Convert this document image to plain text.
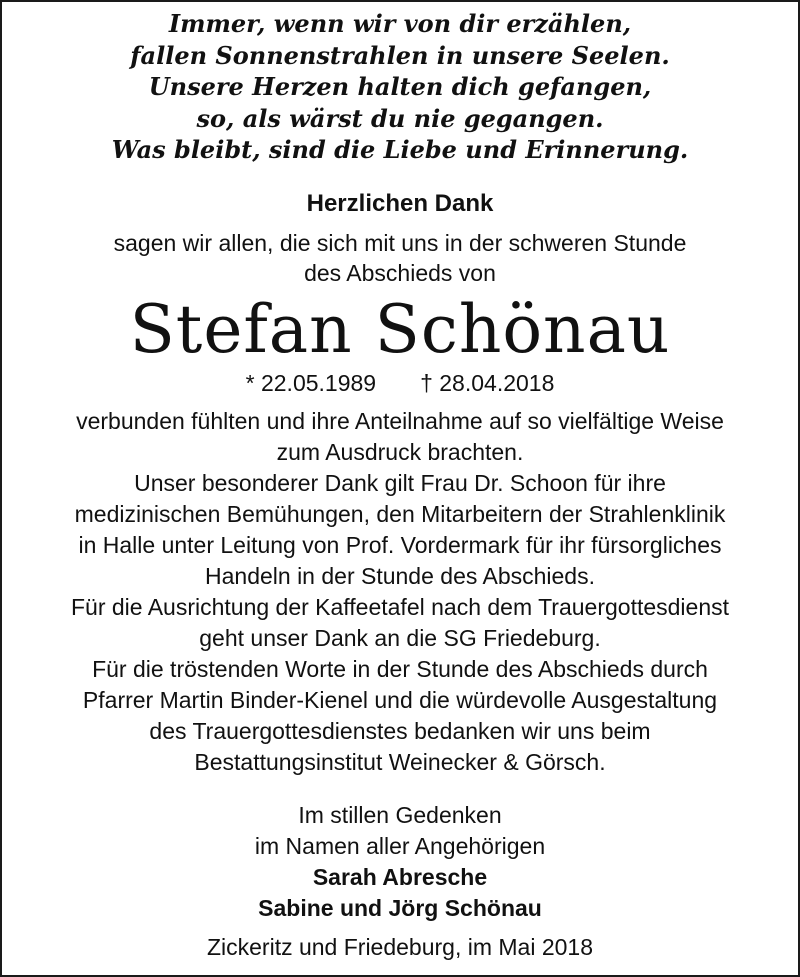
Immer, wenn wir von dir erzählen,
fallen Sonnenstrahlen in unsere Seelen.
Unsere Herzen halten dich gefangen,
so, als wärst du nie gegangen.
Was bleibt, sind die Liebe und Erinnerung.
Herzlichen Dank
sagen wir allen, die sich mit uns in der schweren Stunde
des Abschieds von
Stefan Schönau
* 22.05.1989 † 28.04.2018
verbunden fühlten und ihre Anteilnahme auf so vielfältige Weise
zum Ausdruck brachten.
Unser besonderer Dank gilt Frau Dr. Schoon für ihre
medizinischen Bemühungen, den Mitarbeitern der Strahlenklinik
in Halle unter Leitung von Prof. Vordermark für ihr fürsorgliches
Handeln in der Stunde des Abschieds.
Für die Ausrichtung der Kaffeetafel nach dem Trauergottesdienst
geht unser Dank an die SG Friedeburg.
Für die tröstenden Worte in der Stunde des Abschieds durch
Pfarrer Martin Binder-Kienel und die würdevolle Ausgestaltung
des Trauergottesdienstes bedanken wir uns beim
Bestattungsinstitut Weinecker & Görsch.
Im stillen Gedenken
im Namen aller Angehörigen
Sarah Abresche
Sabine und Jörg Schönau
Zickeritz und Friedeburg, im Mai 2018
